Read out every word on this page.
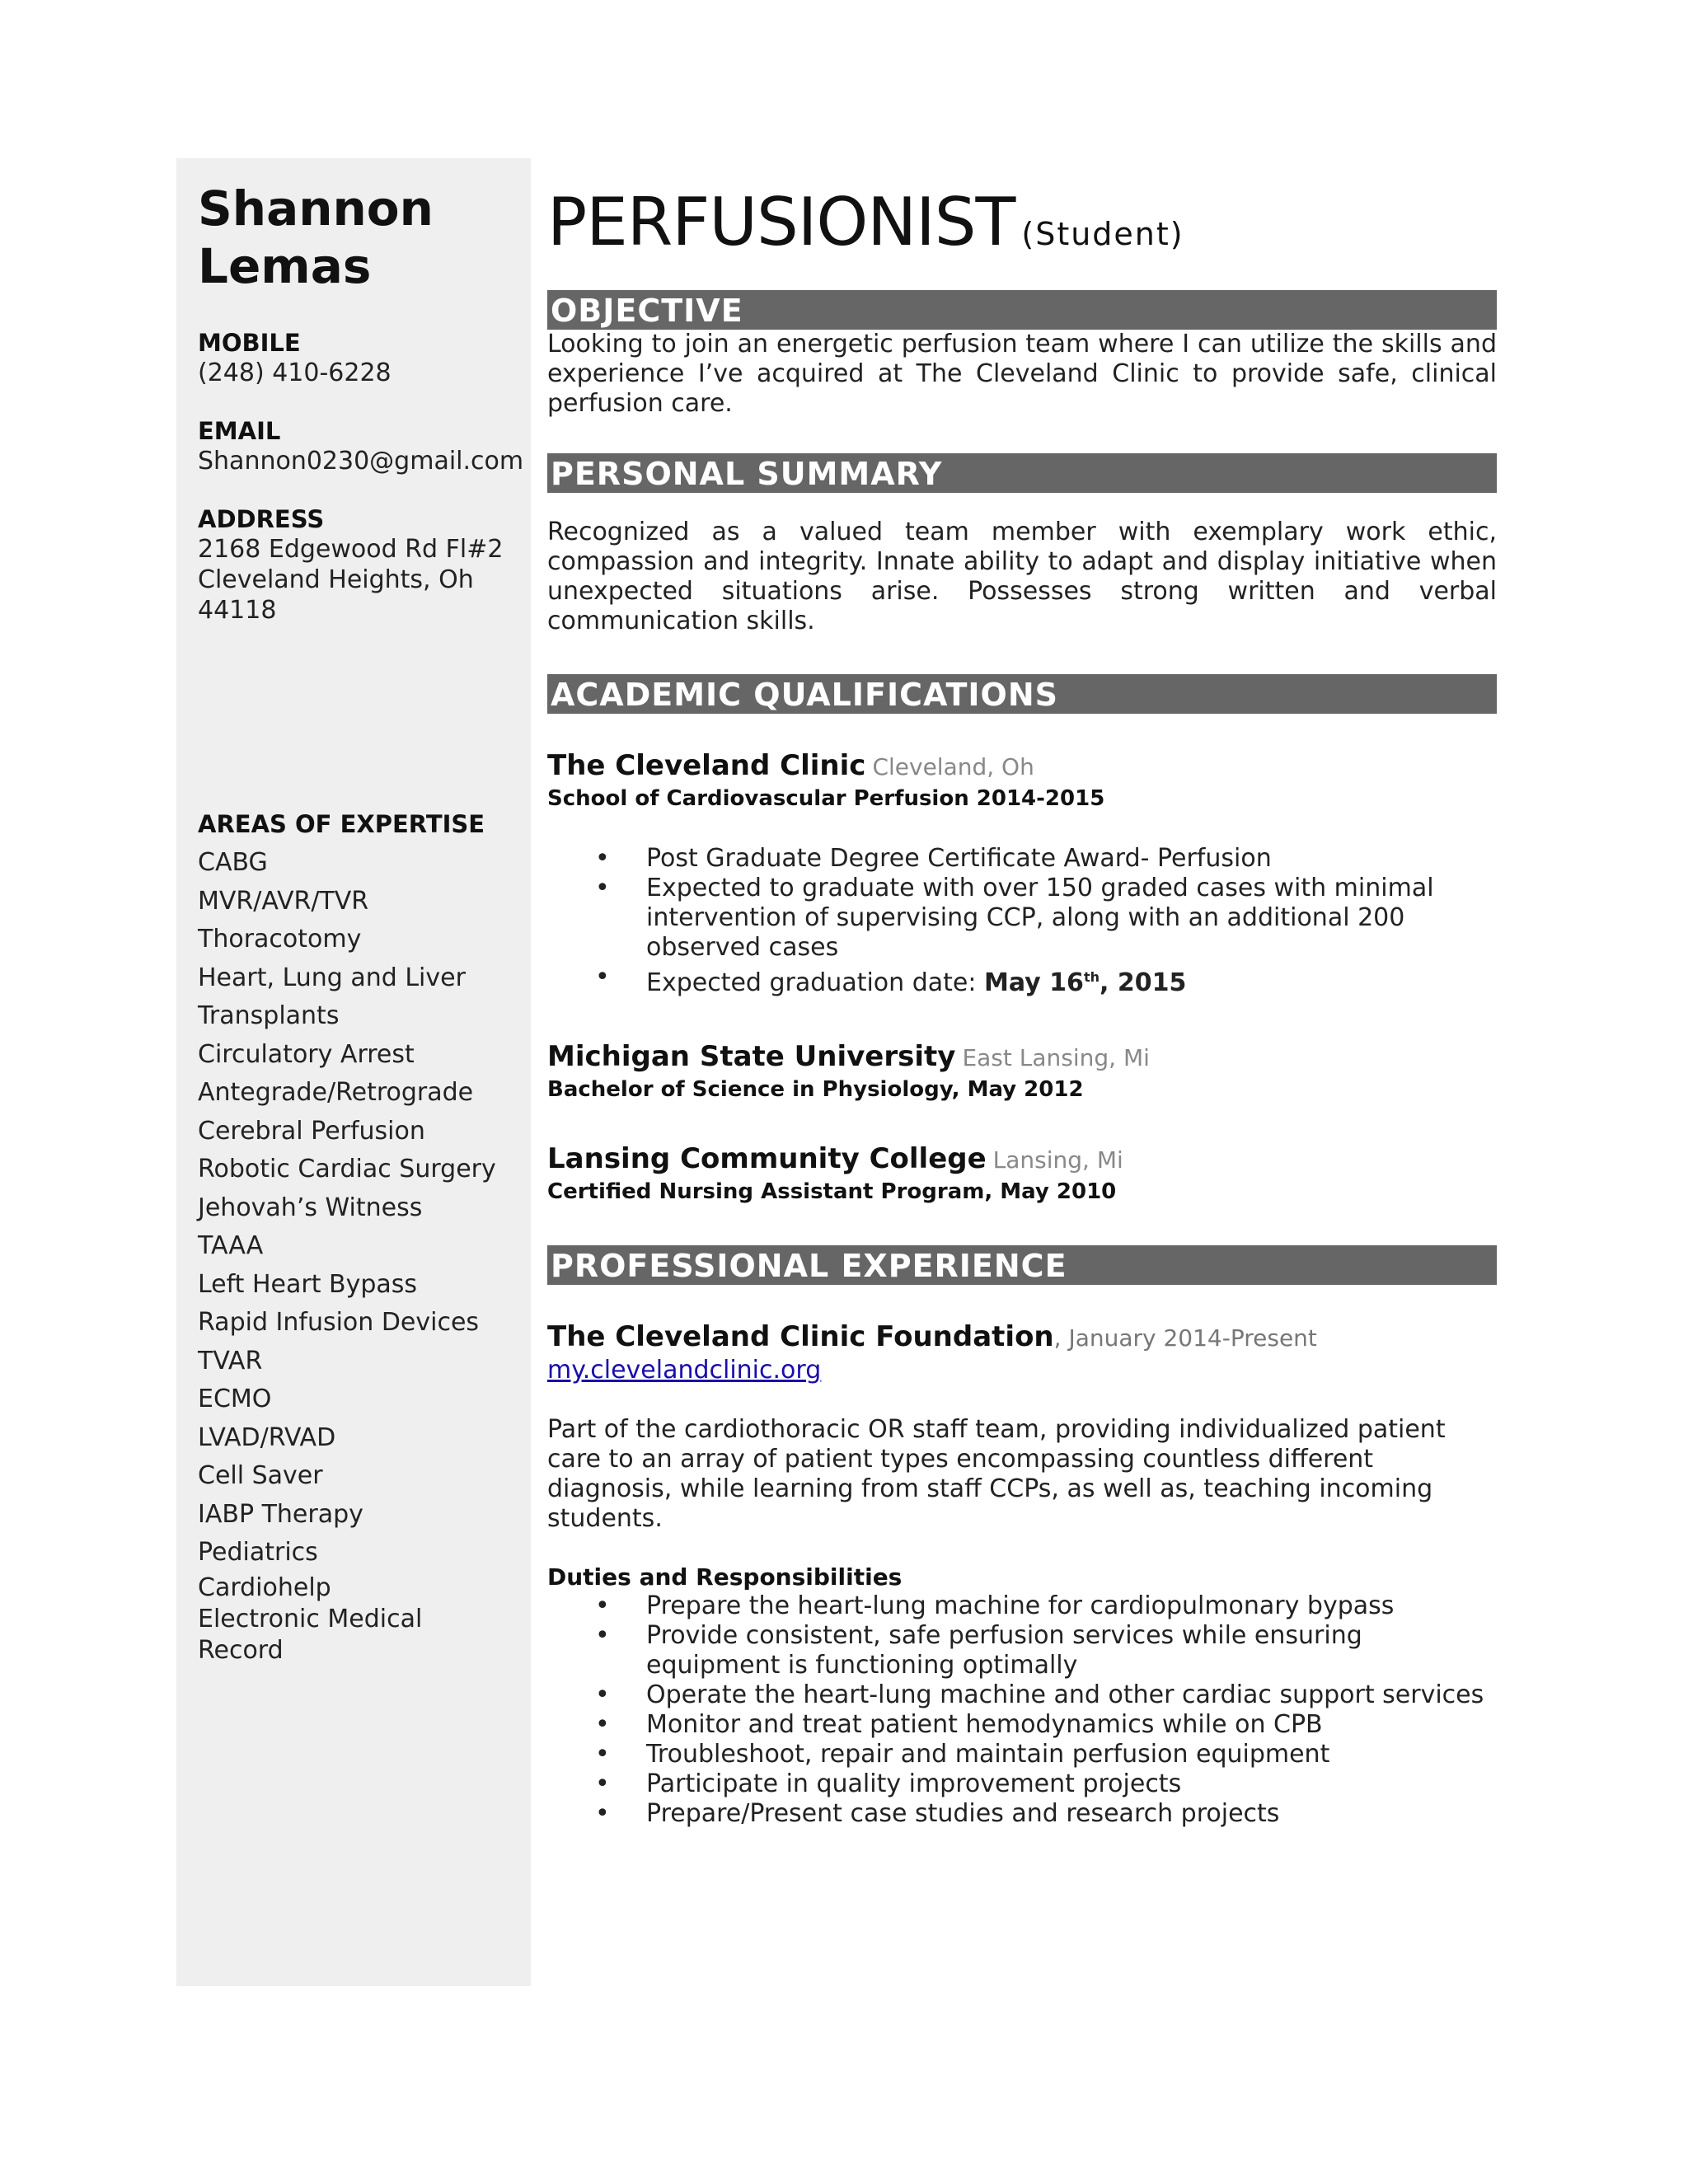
Shannon
Lemas

MOBILE

(248) 410-6228

EMAIL

Shannon0230@gmail.com

ADDRESS

2168 Edgewood Rd Fl#2

Cleveland Heights, Oh

44118

AREAS OF EXPERTISE

CABG
MVR/AVR/TVR
Thoracotomy
Heart, Lung and Liver
Transplants
Circulatory Arrest
Antegrade/Retrograde
Cerebral Perfusion
Robotic Cardiac Surgery
Jehovah’s Witness
TAAA
Left Heart Bypass
Rapid Infusion Devices
TVAR
ECMO
LVAD/RVAD
Cell Saver
IABP Therapy
Pediatrics
Cardiohelp
Electronic Medical
Record
PERFUSIONIST (Student)
OBJECTIVE

Looking to join an energetic perfusion team where I can utilize the skills and experience I’ve acquired at The Cleveland Clinic to provide safe, clinical perfusion care.

PERSONAL SUMMARY

Recognized as a valued team member with exemplary work ethic, compassion and integrity. Innate ability to adapt and display initiative when unexpected situations arise. Possesses strong written and verbal communication skills.

ACADEMIC QUALIFICATIONS

The Cleveland Clinic Cleveland, Oh

School of Cardiovascular Perfusion 2014-2015

• Post Graduate Degree Certificate Award- Perfusion
• Expected to graduate with over 150 graded cases with minimal intervention of supervising CCP, along with an additional 200 observed cases
• Expected graduation date: May 16th, 2015

Michigan State University East Lansing, Mi

Bachelor of Science in Physiology, May 2012

Lansing Community College Lansing, Mi

Certified Nursing Assistant Program, May 2010

PROFESSIONAL EXPERIENCE

The Cleveland Clinic Foundation, January 2014-Present

my.clevelandclinic.org

Part of the cardiothoracic OR staff team, providing individualized patient care to an array of patient types encompassing countless different diagnosis, while learning from staff CCPs, as well as, teaching incoming students.

Duties and Responsibilities

• Prepare the heart-lung machine for cardiopulmonary bypass
• Provide consistent, safe perfusion services while ensuring equipment is functioning optimally
• Operate the heart-lung machine and other cardiac support services
• Monitor and treat patient hemodynamics while on CPB
• Troubleshoot, repair and maintain perfusion equipment
• Participate in quality improvement projects
• Prepare/Present case studies and research projects
